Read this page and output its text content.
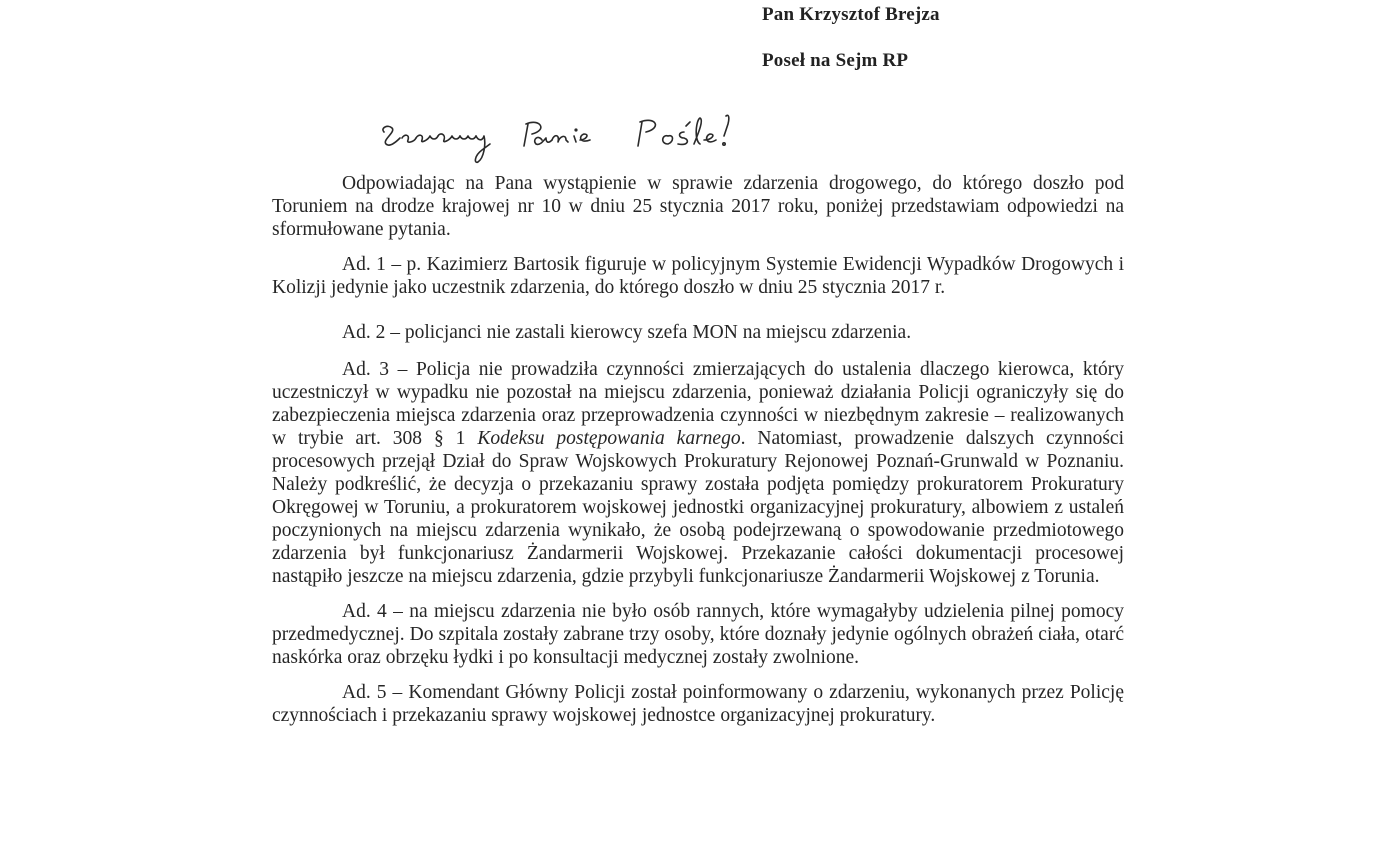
Pan Krzysztof Brejza
Poseł na Sejm RP

Odpowiadając na Pana wystąpienie w sprawie zdarzenia drogowego, do którego doszło pod Toruniem na drodze krajowej nr 10 w dniu 25 stycznia 2017 roku, poniżej przedstawiam odpowiedzi na sformułowane pytania.

Ad. 1 – p. Kazimierz Bartosik figuruje w policyjnym Systemie Ewidencji Wypadków Drogowych i Kolizji jedynie jako uczestnik zdarzenia, do którego doszło w dniu 25 stycznia 2017 r.

Ad. 2 – policjanci nie zastali kierowcy szefa MON na miejscu zdarzenia.

Ad. 3 – Policja nie prowadziła czynności zmierzających do ustalenia dlaczego kierowca, który uczestniczył w wypadku nie pozostał na miejscu zdarzenia, ponieważ działania Policji ograniczyły się do zabezpieczenia miejsca zdarzenia oraz przeprowadzenia czynności w niezbędnym zakresie – realizowanych w trybie art. 308 § 1 Kodeksu postępowania karnego. Natomiast, prowadzenie dalszych czynności procesowych przejął Dział do Spraw Wojskowych Prokuratury Rejonowej Poznań-Grunwald w Poznaniu. Należy podkreślić, że decyzja o przekazaniu sprawy została podjęta pomiędzy prokuratorem Prokuratury Okręgowej w Toruniu, a prokuratorem wojskowej jednostki organizacyjnej prokuratury, albowiem z ustaleń poczynionych na miejscu zdarzenia wynikało, że osobą podejrzewaną o spowodowanie przedmiotowego zdarzenia był funkcjonariusz Żandarmerii Wojskowej. Przekazanie całości dokumentacji procesowej nastąpiło jeszcze na miejscu zdarzenia, gdzie przybyli funkcjonariusze Żandarmerii Wojskowej z Torunia.

Ad. 4 – na miejscu zdarzenia nie było osób rannych, które wymagałyby udzielenia pilnej pomocy przedmedycznej. Do szpitala zostały zabrane trzy osoby, które doznały jedynie ogólnych obrażeń ciała, otarć naskórka oraz obrzęku łydki i po konsultacji medycznej zostały zwolnione.

Ad. 5 – Komendant Główny Policji został poinformowany o zdarzeniu, wykonanych przez Policję czynnościach i przekazaniu sprawy wojskowej jednostce organizacyjnej prokuratury.
